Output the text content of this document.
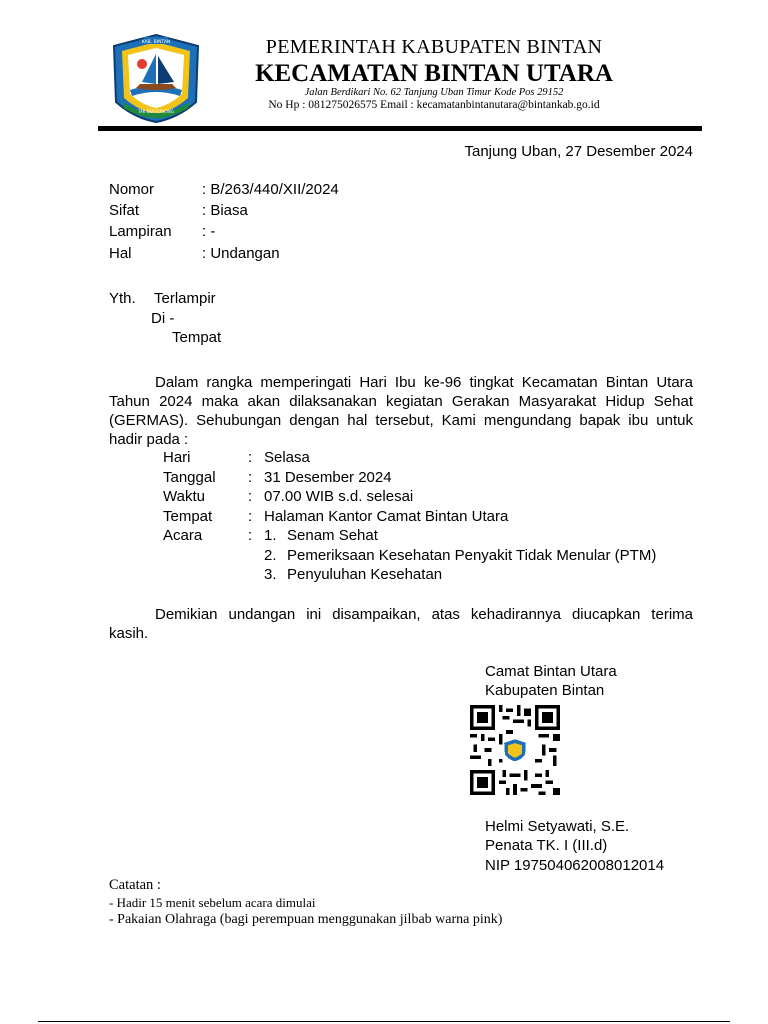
KAB. BINTAN
TAK BERGUNCING
PEMERINTAH KABUPATEN BINTAN
KECAMATAN BINTAN UTARA
Jalan Berdikari No. 62 Tanjung Uban Timur Kode Pos 29152
No Hp : 081275026575 Email : kecamatanbintanutara@bintankab.go.id
Tanjung Uban, 27 Desember 2024
Nomor	: B/263/440/XII/2024
Sifat	: Biasa
Lampiran : -
Hal	: Undangan
Yth. Terlampir
Di -
Tempat
Dalam rangka memperingati Hari Ibu ke-96 tingkat Kecamatan Bintan Utara
Tahun 2024 maka akan dilaksanakan kegiatan Gerakan Masyarakat Hidup Sehat
(GERMAS). Sehubungan dengan hal tersebut, Kami mengundang bapak ibu untuk
hadir pada :
Hari	: Selasa
Tanggal : 31 Desember 2024
Waktu	: 07.00 WIB s.d. selesai
Tempat : Halaman Kantor Camat Bintan Utara
Acara	: 1. Senam Sehat
2. Pemeriksaan Kesehatan Penyakit Tidak Menular (PTM)
3. Penyuluhan Kesehatan
Demikian undangan ini disampaikan, atas kehadirannya diucapkan terima
kasih.
Camat Bintan Utara
Kabupaten Bintan
Helmi Setyawati, S.E.
Penata TK. I (III.d)
NIP 197504062008012014
Catatan :
- Hadir 15 menit sebelum acara dimulai
- Pakaian Olahraga (bagi perempuan menggunakan jilbab warna pink)
